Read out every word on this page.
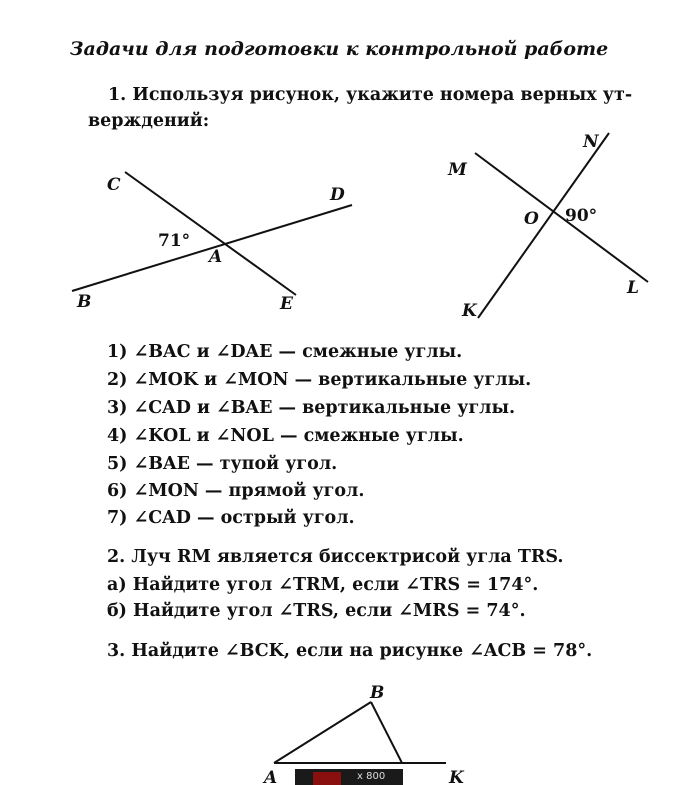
Задачи для подготовки к контрольной работе
1. Используя рисунок, укажите номера верных ут-
верждений:
C	D
71°
A
B	E
M
N
O 90°
L
K
1) ∠BAC и ∠DAE — смежные углы.
2) ∠MOK и ∠MON — вертикальные углы.
3) ∠CAD и ∠BAE — вертикальные углы.
4) ∠KOL и ∠NOL — смежные углы.
5) ∠BAE — тупой угол.
6) ∠MON — прямой угол.
7) ∠CAD — острый угол.
2. Луч RM является биссектрисой угла TRS.
а) Найдите угол ∠TRM, если ∠TRS = 174°.
б) Найдите угол ∠TRS, если ∠MRS = 74°.
3. Найдите ∠BCK, если на рисунке ∠ACB = 78°.
B
A	K
x 800
